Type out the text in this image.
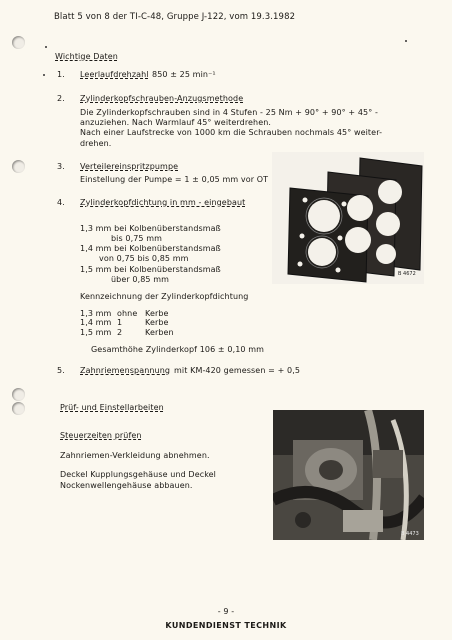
Blatt 5 von 8 der TI-C-48, Gruppe J-122, vom 19.3.1982
Wichtige Daten
1. Leerlaufdrehzahl 850 ± 25 min⁻¹
2. Zylinderkopfschrauben-Anzugsmethode
Die Zylinderkopfschrauben sind in 4 Stufen - 25 Nm + 90° + 90° + 45° -
anzuziehen. Nach Warmlauf 45° weiterdrehen.
Nach einer Laufstrecke von 1000 km die Schrauben nochmals 45° weiter-
drehen.
3. Verteilereinspritzpumpe
Einstellung der Pumpe = 1 ± 0,05 mm vor OT
4. Zylinderkopfdichtung in mm - eingebaut
1,3 mm bei Kolbenüberstandsmaß
bis 0,75 mm
1,4 mm bei Kolbenüberstandsmaß
von 0,75 bis 0,85 mm
1,5 mm bei Kolbenüberstandsmaß
über 0,85 mm
Kennzeichnung der Zylinderkopfdichtung
1,3 mm ohne Kerbe
1,4 mm 1	Kerbe
1,5 mm 2	Kerben
Gesamthöhe Zylinderkopf 106 ± 0,10 mm
5. Zahnriemenspannung mit KM-420 gemessen = + 0,5
Prüf- und Einstellarbeiten
Steuerzeiten prüfen
Zahnriemen-Verkleidung abnehmen.
Deckel Kupplungsgehäuse und Deckel
Nockenwellengehäuse abbauen.
B 4672
B 4473
- 9 -
KUNDENDIENST TECHNIK
